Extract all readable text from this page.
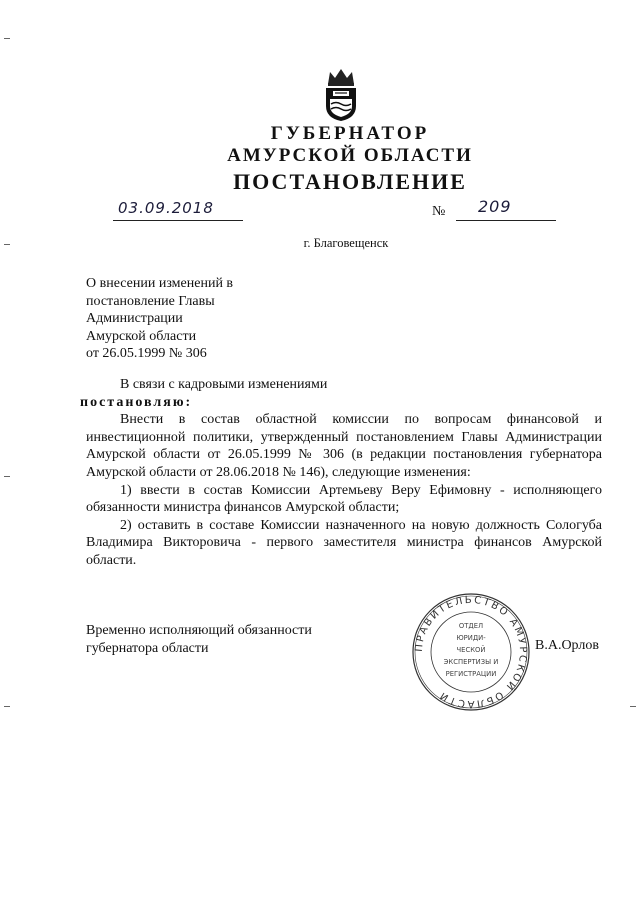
ГУБЕРНАТОР
АМУРСКОЙ ОБЛАСТИ
ПОСТАНОВЛЕНИЕ
03.09.2018	№ 209
г. Благовещенск
О внесении изменений в
постановление Главы
Администрации
Амурской области
от 26.05.1999 № 306
В связи с кадровыми изменениями
постановляю:
Внести в состав областной комиссии по вопросам финансовой и инвестиционной политики, утвержденный постановлением Главы Администрации Амурской области от 26.05.1999 № 306 (в редакции постановления губернатора Амурской области от 28.06.2018 № 146), следующие изменения:
1) ввести в состав Комиссии Артемьеву Веру Ефимовну - исполняющего обязанности министра финансов Амурской области;
2) оставить в составе Комиссии назначенного на новую должность Сологуба Владимира Викторовича - первого заместителя министра финансов Амурской области.
Временно исполняющий обязанности
губернатора области	ПРАВИТЕЛЬСТВО АМУРСКОЙ ОБЛАСТИ
ОТДЕЛ
ЮРИДИ-
ЧЕСКОЙ
ЭКСПЕРТИЗЫ И
РЕГИСТРАЦИИ
В.А.Орлов
